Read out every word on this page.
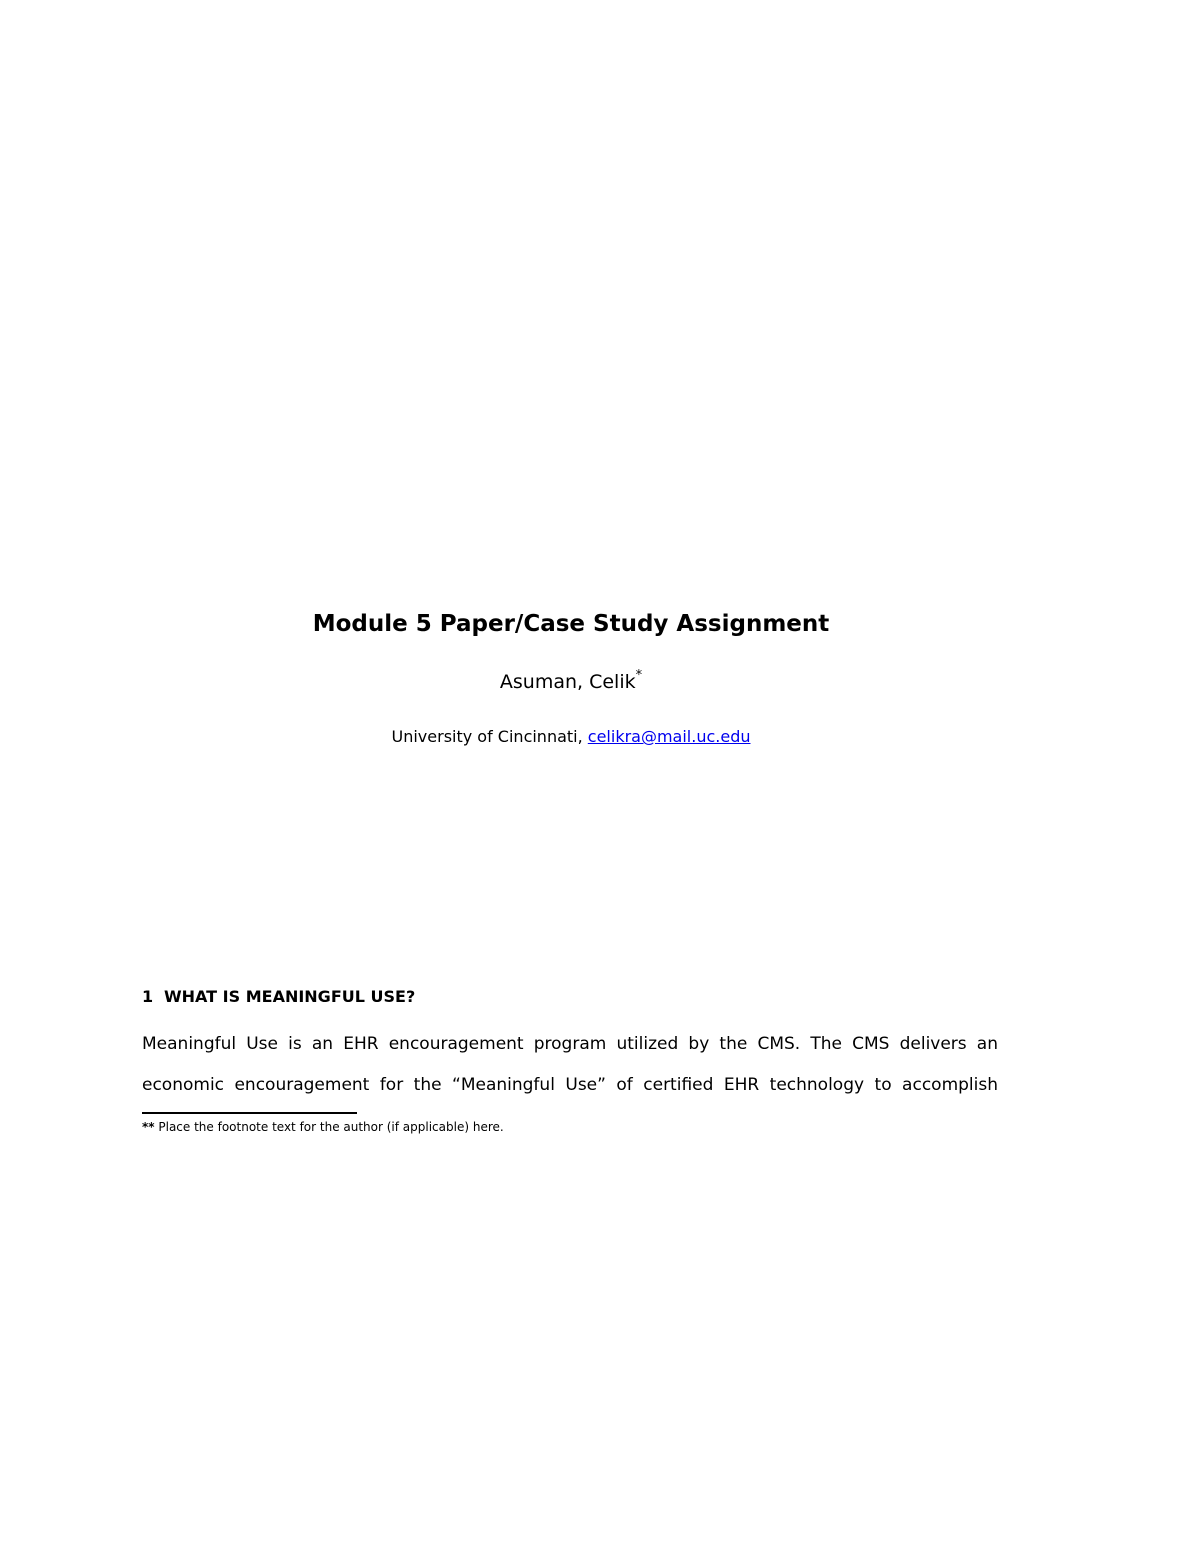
Module 5 Paper/Case Study Assignment
Asuman, Celik*
University of Cincinnati, celikra@mail.uc.edu
1 WHAT IS MEANINGFUL USE?
Meaningful Use is an EHR encouragement program utilized by the CMS. The CMS delivers an
economic encouragement for the “Meaningful Use” of certified EHR technology to accomplish
** Place the footnote text for the author (if applicable) here.
